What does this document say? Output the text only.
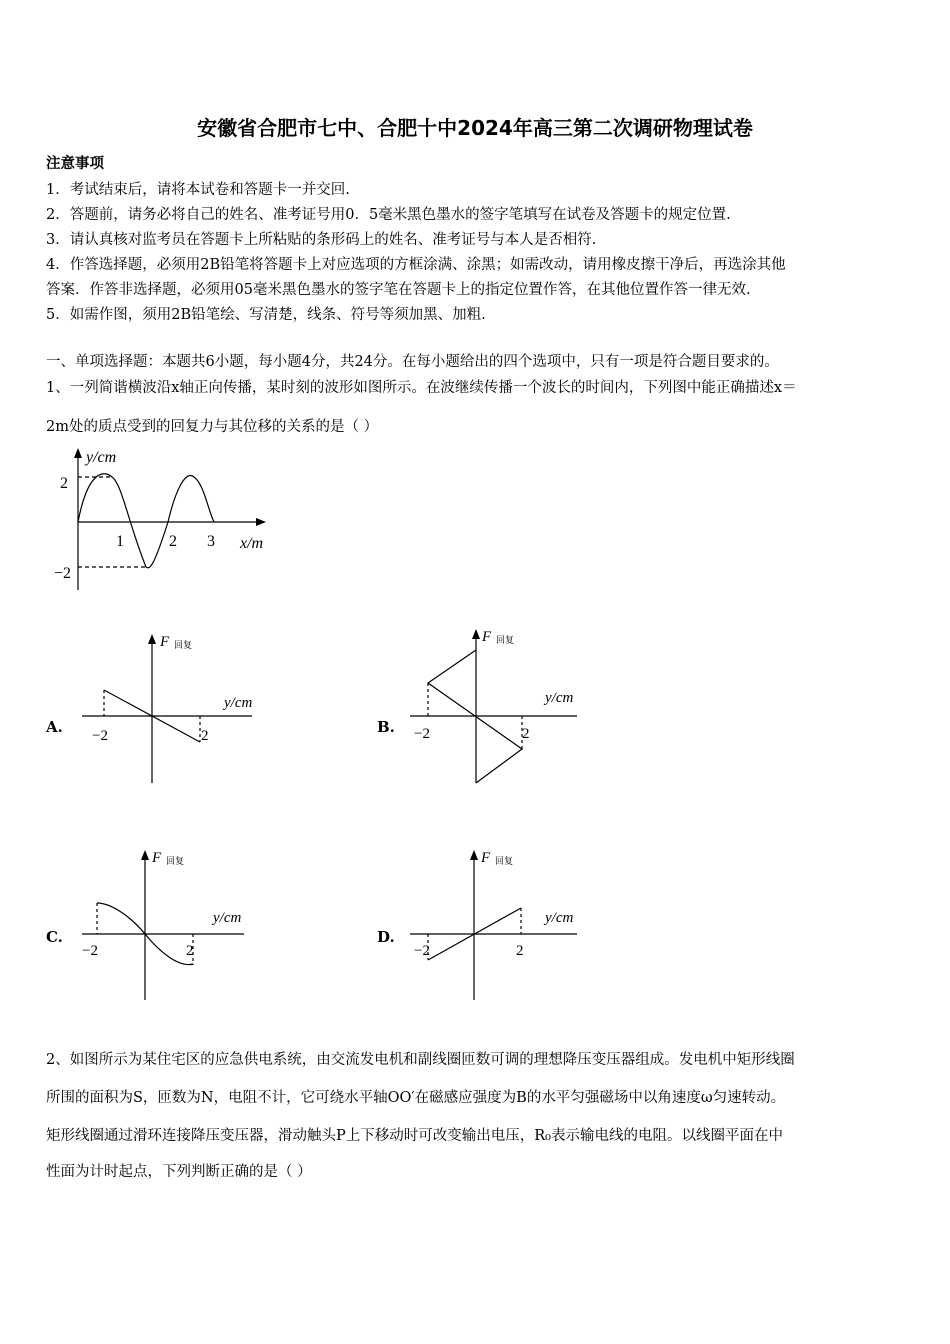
安徽省合肥市七中、合肥十中2024年高三第二次调研物理试卷
注意事项
1．考试结束后，请将本试卷和答题卡一并交回.
2．答题前，请务必将自己的姓名、准考证号用0．5毫米黑色墨水的签字笔填写在试卷及答题卡的规定位置.
3．请认真核对监考员在答题卡上所粘贴的条形码上的姓名、准考证号与本人是否相符.
4．作答选择题，必须用2B铅笔将答题卡上对应选项的方框涂满、涂黑；如需改动，请用橡皮擦干净后，再选涂其他
答案．作答非选择题，必须用05毫米黑色墨水的签字笔在答题卡上的指定位置作答，在其他位置作答一律无效.
5．如需作图，须用2B铅笔绘、写清楚，线条、符号等须加黑、加粗.
一、单项选择题：本题共6小题，每小题4分，共24分。在每小题给出的四个选项中，只有一项是符合题目要求的。
1、一列简谐横波沿x轴正向传播，某时刻的波形如图所示。在波继续传播一个波长的时间内，下列图中能正确描述x＝
2m处的质点受到的回复力与其位移的关系的是（ ）
y/cm
x/m
2
−2
1	2 3
A.
F 回复
y/cm
−2	2	B.
F 回复
y/cm
−2	2
C.
F 回复
y/cm
−2	2
D.
F 回复
y/cm
−2	2
2、如图所示为某住宅区的应急供电系统，由交流发电机和副线圈匝数可调的理想降压变压器组成。发电机中矩形线圈
所围的面积为S，匝数为N，电阻不计，它可绕水平轴OO′在磁感应强度为B的水平匀强磁场中以角速度ω匀速转动。
矩形线圈通过滑环连接降压变压器，滑动触头P上下移动时可改变输出电压，R₀表示输电线的电阻。以线圈平面在中
性面为计时起点，下列判断正确的是（ ）
